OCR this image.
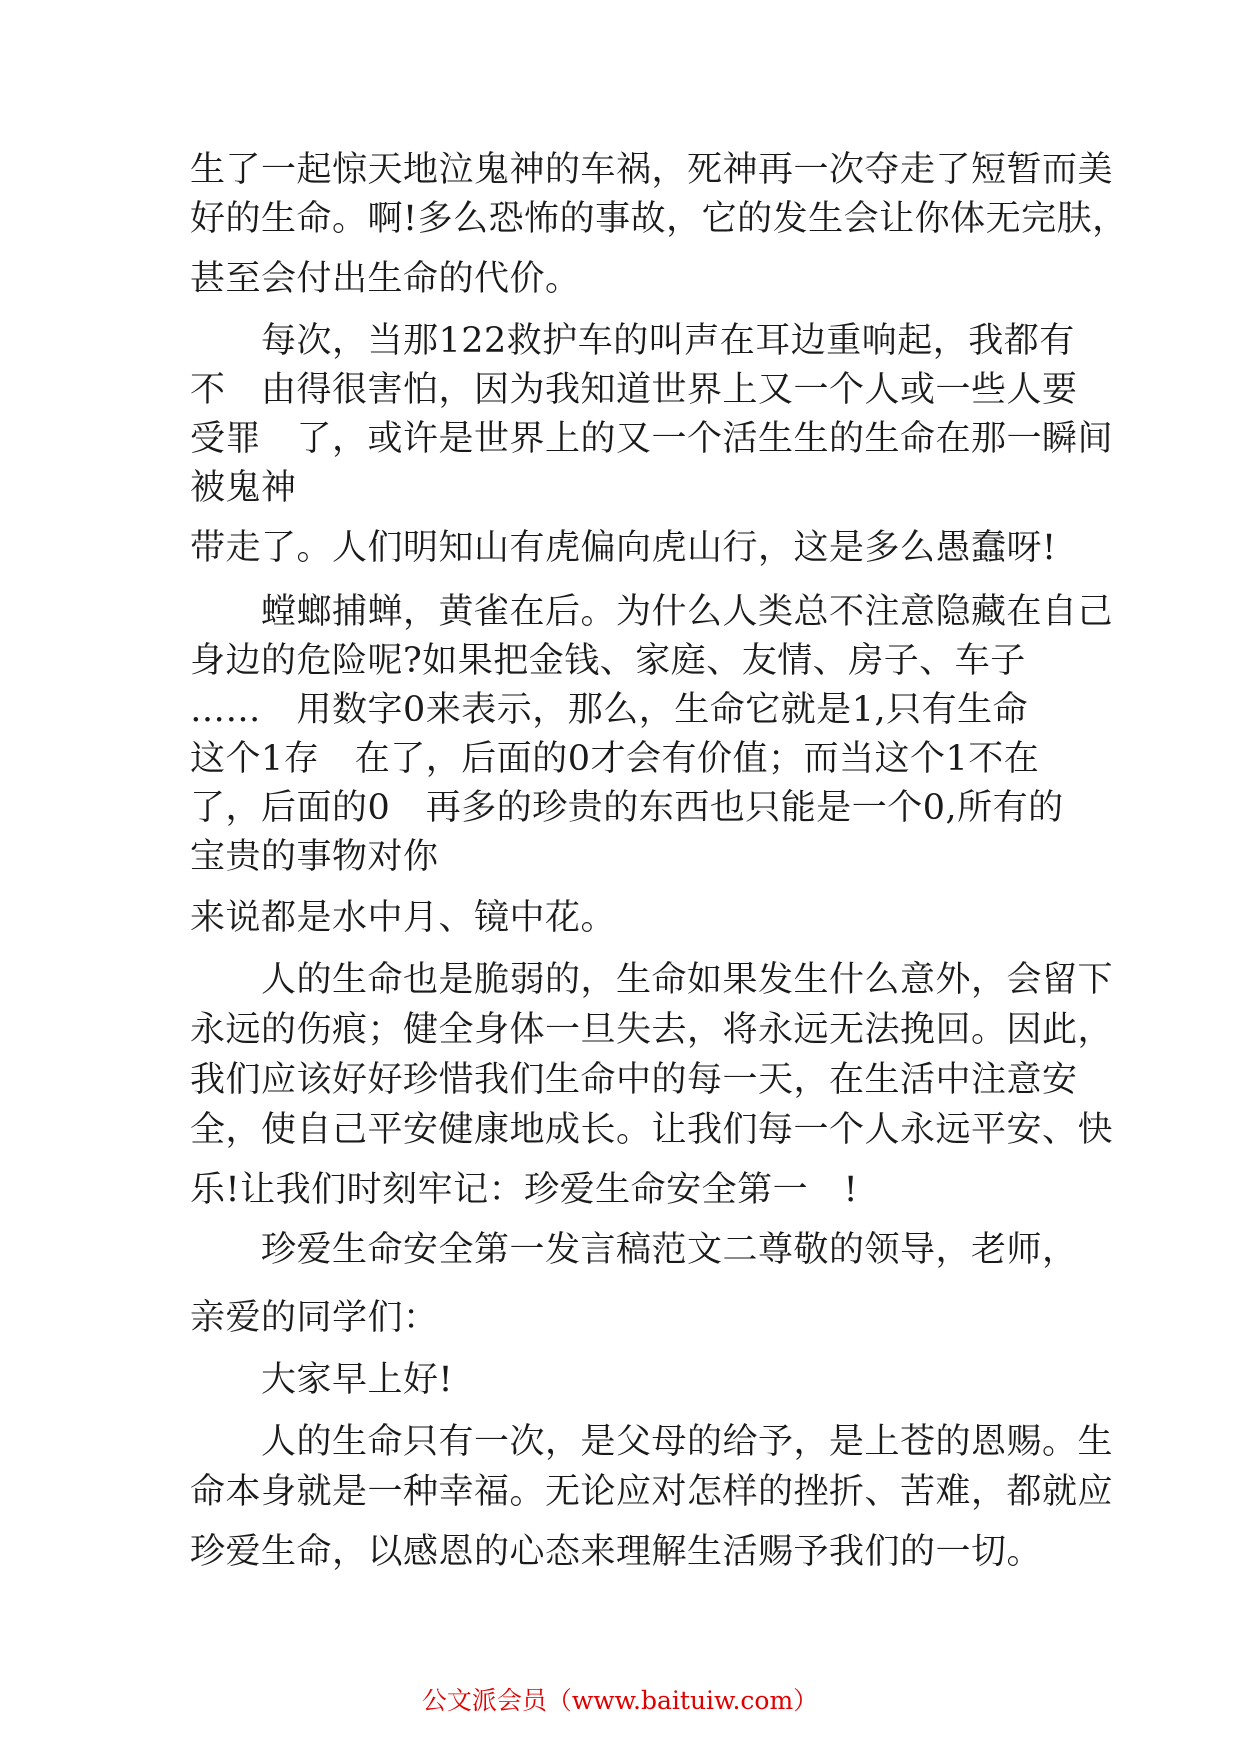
生了一起惊天地泣鬼神的车祸，死神再一次夺走了短暂而美
好的生命。啊!多么恐怖的事故，它的发生会让你体无完肤，
甚至会付出生命的代价。
　　每次，当那122救护车的叫声在耳边重响起，我都有
不　由得很害怕，因为我知道世界上又一个人或一些人要
受罪　了，或许是世界上的又一个活生生的生命在那一瞬间
被鬼神
带走了。人们明知山有虎偏向虎山行，这是多么愚蠢呀!
　　螳螂捕蝉，黄雀在后。为什么人类总不注意隐藏在自己
身边的危险呢?如果把金钱、家庭、友情、房子、车子
……　用数字0来表示，那么，生命它就是1,只有生命
这个1存　在了，后面的0才会有价值；而当这个1不在
了，后面的0　再多的珍贵的东西也只能是一个0,所有的
宝贵的事物对你
来说都是水中月、镜中花。
　　人的生命也是脆弱的，生命如果发生什么意外，会留下
永远的伤痕；健全身体一旦失去，将永远无法挽回。因此，
我们应该好好珍惜我们生命中的每一天，在生活中注意安
全，使自己平安健康地成长。让我们每一个人永远平安、快
乐!让我们时刻牢记：珍爱生命安全第一　!
　　珍爱生命安全第一发言稿范文二尊敬的领导，老师，
亲爱的同学们：
　　大家早上好!
　　人的生命只有一次，是父母的给予，是上苍的恩赐。生
命本身就是一种幸福。无论应对怎样的挫折、苦难，都就应
珍爱生命，以感恩的心态来理解生活赐予我们的一切。
公文派会员（www.baituiw.com）
